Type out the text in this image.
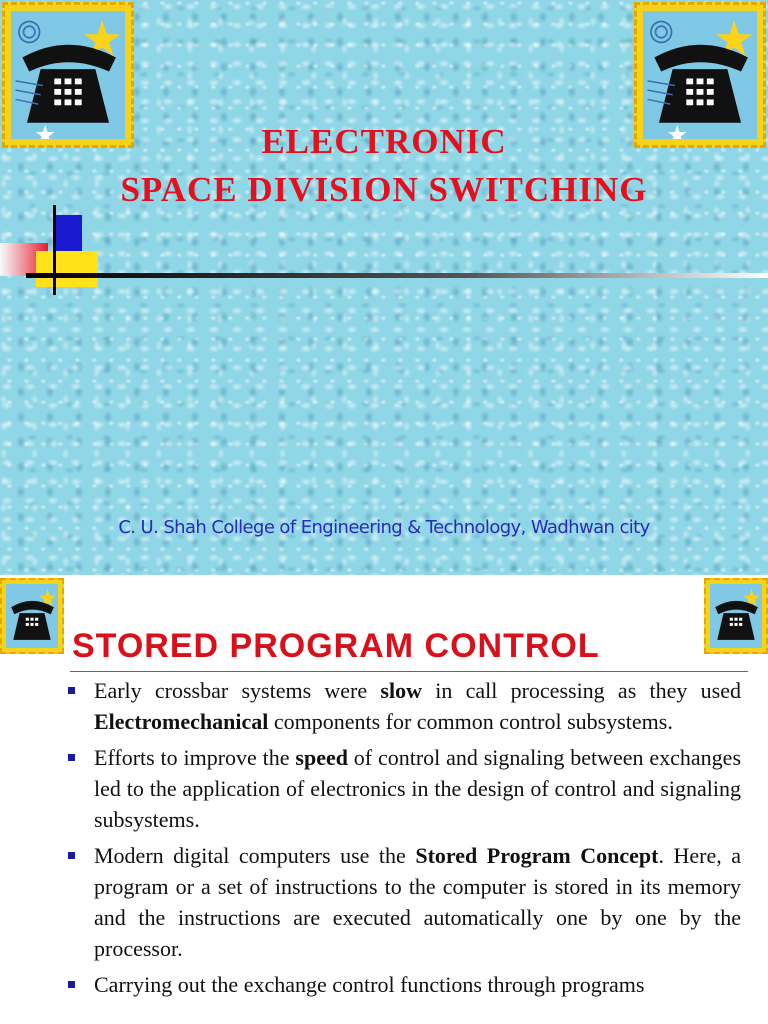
ELECTRONIC
SPACE DIVISION SWITCHING
C. U. Shah College of Engineering & Technology, Wadhwan city
STORED PROGRAM CONTROL
Early crossbar systems were slow in call processing as they used Electromechanical components for common control subsystems.
Efforts to improve the speed of control and signaling between exchanges led to the application of electronics in the design of control and signaling subsystems.
Modern digital computers use the Stored Program Concept. Here, a program or a set of instructions to the computer is stored in its memory and the instructions are executed automatically one by one by the processor.
Carrying out the exchange control functions through programs
